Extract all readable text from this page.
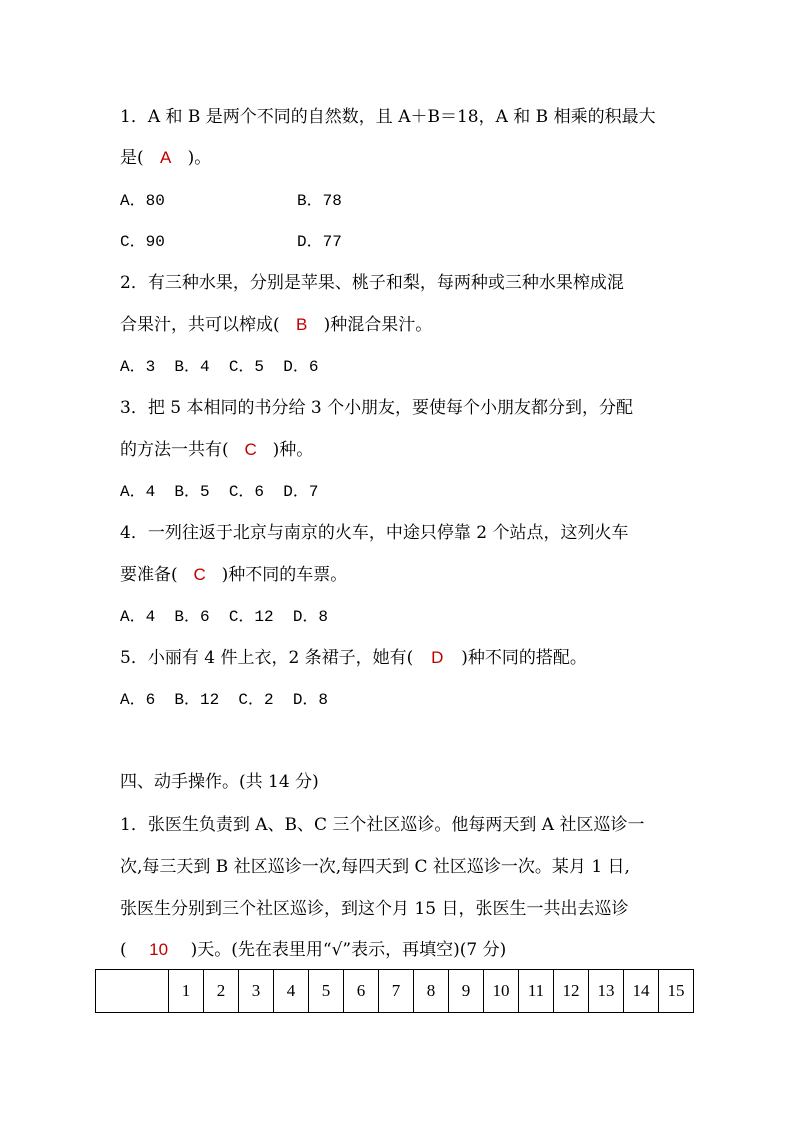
1．A 和 B 是两个不同的自然数，且 A＋B＝18，A 和 B 相乘的积最大
是( A )。
A．80	B．78
C．90	D．77
2．有三种水果，分别是苹果、桃子和梨，每两种或三种水果榨成混
合果汁，共可以榨成( B )种混合果汁。
A．3  B．4  C．5  D．6
3．把 5 本相同的书分给 3 个小朋友，要使每个小朋友都分到，分配
的方法一共有( C )种。
A．4  B．5  C．6  D．7
4．一列往返于北京与南京的火车，中途只停靠 2 个站点，这列火车
要准备( C )种不同的车票。
A．4  B．6  C．12  D．8
5．小丽有 4 件上衣，2 条裙子，她有( D )种不同的搭配。
A．6  B．12  C．2  D．8
四、动手操作。(共 14 分)
1．张医生负责到 A、B、C 三个社区巡诊。他每两天到 A 社区巡诊一
次,每三天到 B 社区巡诊一次,每四天到 C 社区巡诊一次。某月 1 日,
张医生分别到三个社区巡诊，到这个月 15 日，张医生一共出去巡诊
( 10 )天。(先在表里用“√”表示，再填空)(7 分)
	1	2	3	4	5	6	7	8	9	10	11	12	13	14	15
